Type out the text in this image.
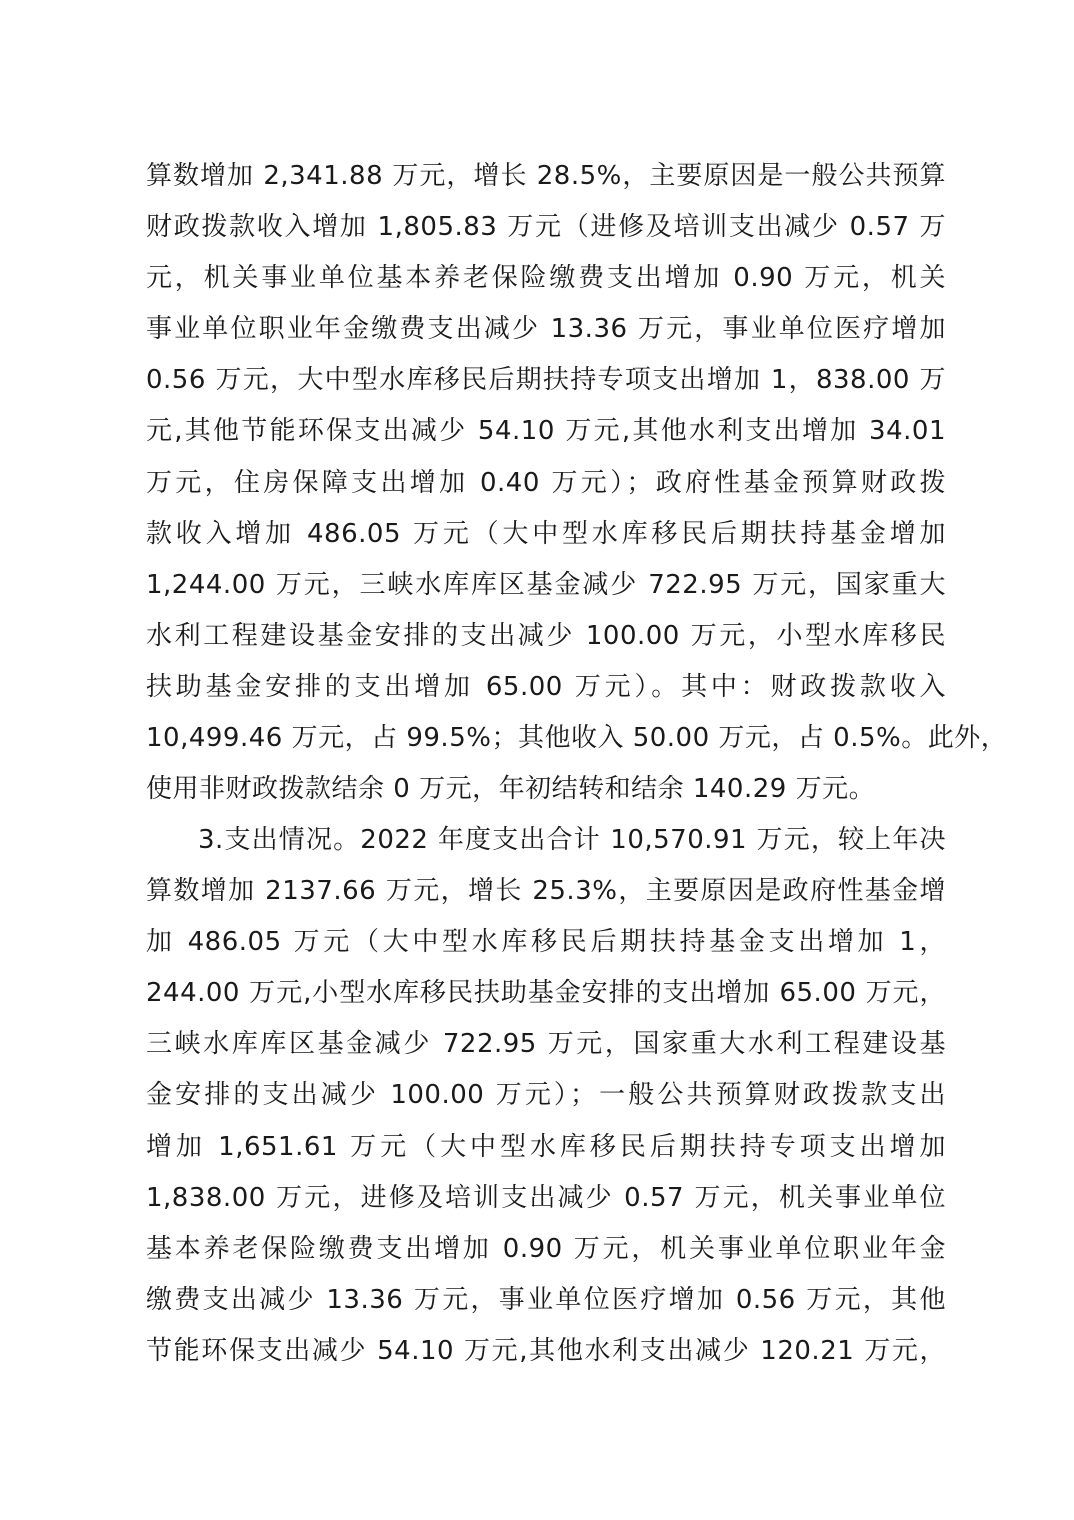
算数增加 2,341.88 万元，增长 28.5%，主要原因是一般公共预算
财政拨款收入增加 1,805.83 万元（进修及培训支出减少 0.57 万
元，机关事业单位基本养老保险缴费支出增加 0.90 万元，机关
事业单位职业年金缴费支出减少 13.36 万元，事业单位医疗增加
0.56 万元，大中型水库移民后期扶持专项支出增加 1，838.00 万
元,其他节能环保支出减少 54.10 万元,其他水利支出增加 34.01
万元，住房保障支出增加 0.40 万元）；政府性基金预算财政拨
款收入增加 486.05 万元（大中型水库移民后期扶持基金增加
1,244.00 万元，三峡水库库区基金减少 722.95 万元，国家重大
水利工程建设基金安排的支出减少 100.00 万元，小型水库移民
扶助基金安排的支出增加 65.00 万元）。其中：财政拨款收入
10,499.46 万元，占 99.5%；其他收入 50.00 万元，占 0.5%。此外，
使用非财政拨款结余 0 万元，年初结转和结余 140.29 万元。
3.支出情况。2022 年度支出合计 10,570.91 万元，较上年决
算数增加 2137.66 万元，增长 25.3%，主要原因是政府性基金增
加 486.05 万元（大中型水库移民后期扶持基金支出增加 1，
244.00 万元,小型水库移民扶助基金安排的支出增加 65.00 万元，
三峡水库库区基金减少 722.95 万元，国家重大水利工程建设基
金安排的支出减少 100.00 万元）；一般公共预算财政拨款支出
增加 1,651.61 万元（大中型水库移民后期扶持专项支出增加
1,838.00 万元，进修及培训支出减少 0.57 万元，机关事业单位
基本养老保险缴费支出增加 0.90 万元，机关事业单位职业年金
缴费支出减少 13.36 万元，事业单位医疗增加 0.56 万元，其他
节能环保支出减少 54.10 万元,其他水利支出减少 120.21 万元，
